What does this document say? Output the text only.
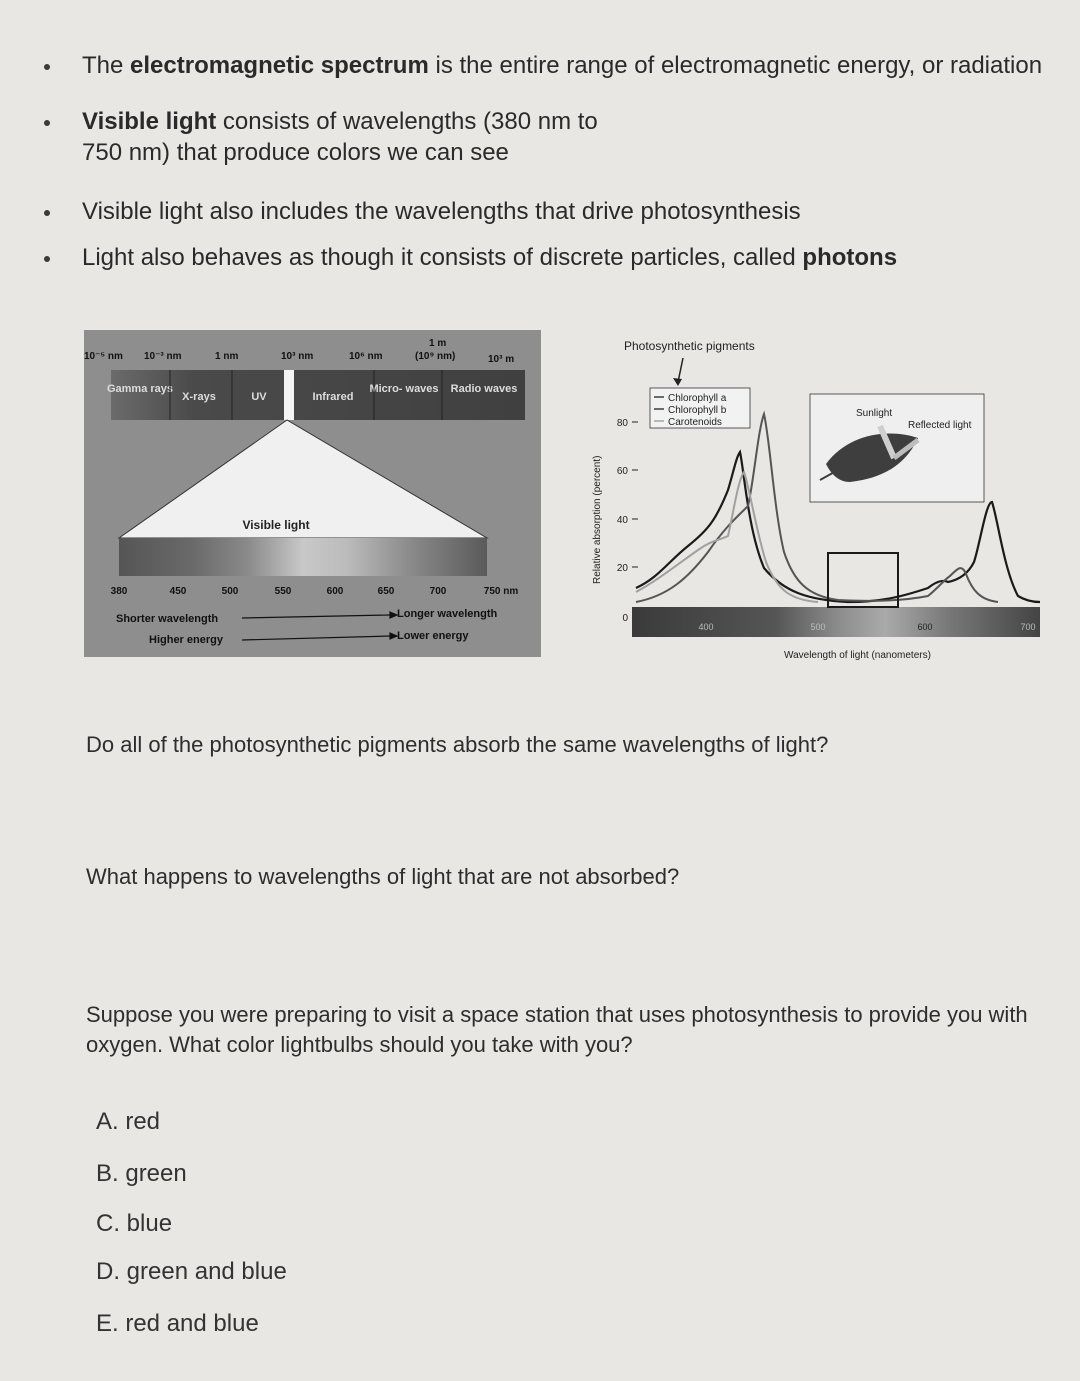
The electromagnetic spectrum is the entire range of electromagnetic energy, or radiation
Visible light consists of wavelengths (380 nm to 750 nm) that produce colors we can see
Visible light also includes the wavelengths that drive photosynthesis
Light also behaves as though it consists of discrete particles, called photons
10⁻⁵ nm 10⁻³ nm	1 nm	10³ nm	10⁶ nm
1 m
(10⁹ nm)	10³ m
Gamma rays
X-rays	UV	Infrared
Micro- waves Radio waves
Visible light
380	450	500	550	600	650	700	750 nm
Shorter wavelength
Higher energy
Longer wavelength
Lower energy
Photosynthetic pigments
Relative absorption (percent)
80
60
40
20
0
400	500	600	700
Wavelength of light (nanometers)
Chlorophyll a
Chlorophyll b
Carotenoids
Sunlight
Reflected light
Do all of the photosynthetic pigments absorb the same wavelengths of light?
What happens to wavelengths of light that are not absorbed?
Suppose you were preparing to visit a space station that uses photosynthesis to provide you with oxygen. What color lightbulbs should you take with you?
A. red
B. green
C. blue
D. green and blue
E. red and blue
